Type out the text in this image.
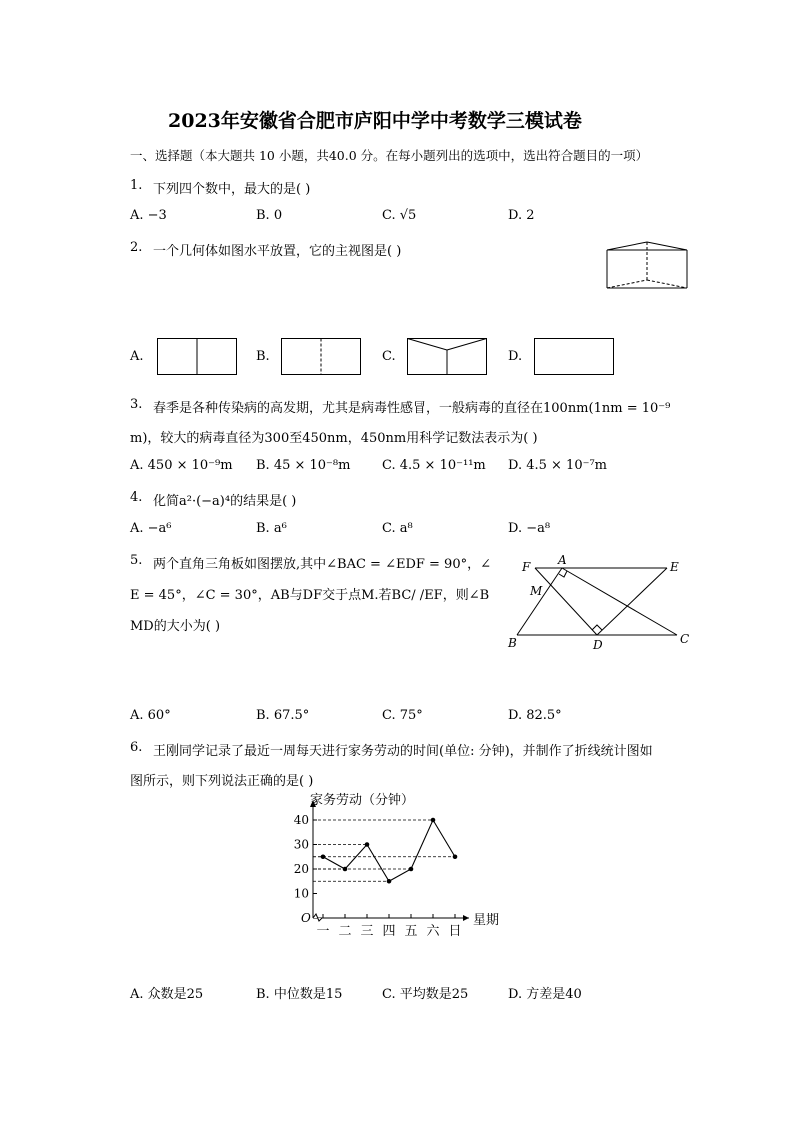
2023年安徽省合肥市庐阳中学中考数学三模试卷
一、选择题（本大题共 10 小题，共40.0 分。在每小题列出的选项中，选出符合题目的一项）
1. 下列四个数中，最大的是( )
A. −3	B. 0	C. √5	D. 2
2. 一个几何体如图水平放置，它的主视图是( )
A.	B.	C.	D.
3. 春季是各种传染病的高发期，尤其是病毒性感冒，一般病毒的直径在100nm(1nm = 10⁻⁹
m)，较大的病毒直径为300至450nm，450nm用科学记数法表示为( )
A. 450 × 10⁻⁹m B. 45 × 10⁻⁸m C. 4.5 × 10⁻¹¹m D. 4.5 × 10⁻⁷m
4. 化简a²·(−a)⁴的结果是( )
A. −a⁶	B. a⁶	C. a⁸	D. −a⁸
5. 两个直角三角板如图摆放,其中∠BAC = ∠EDF = 90°，∠
E = 45°，∠C = 30°，AB与DF交于点M.若BC/ /EF，则∠B
MD的大小为( )
F A	E
M
B	D	C
A. 60°	B. 67.5°	C. 75°	D. 82.5°
6. 王刚同学记录了最近一周每天进行家务劳动的时间(单位: 分钟)，并制作了折线统计图如
图所示，则下列说法正确的是( )
10
20
30
40
O
一 二 三 四 五 六 日
星期
家务劳动（分钟）
A. 众数是25	B. 中位数是15	C. 平均数是25	D. 方差是40
